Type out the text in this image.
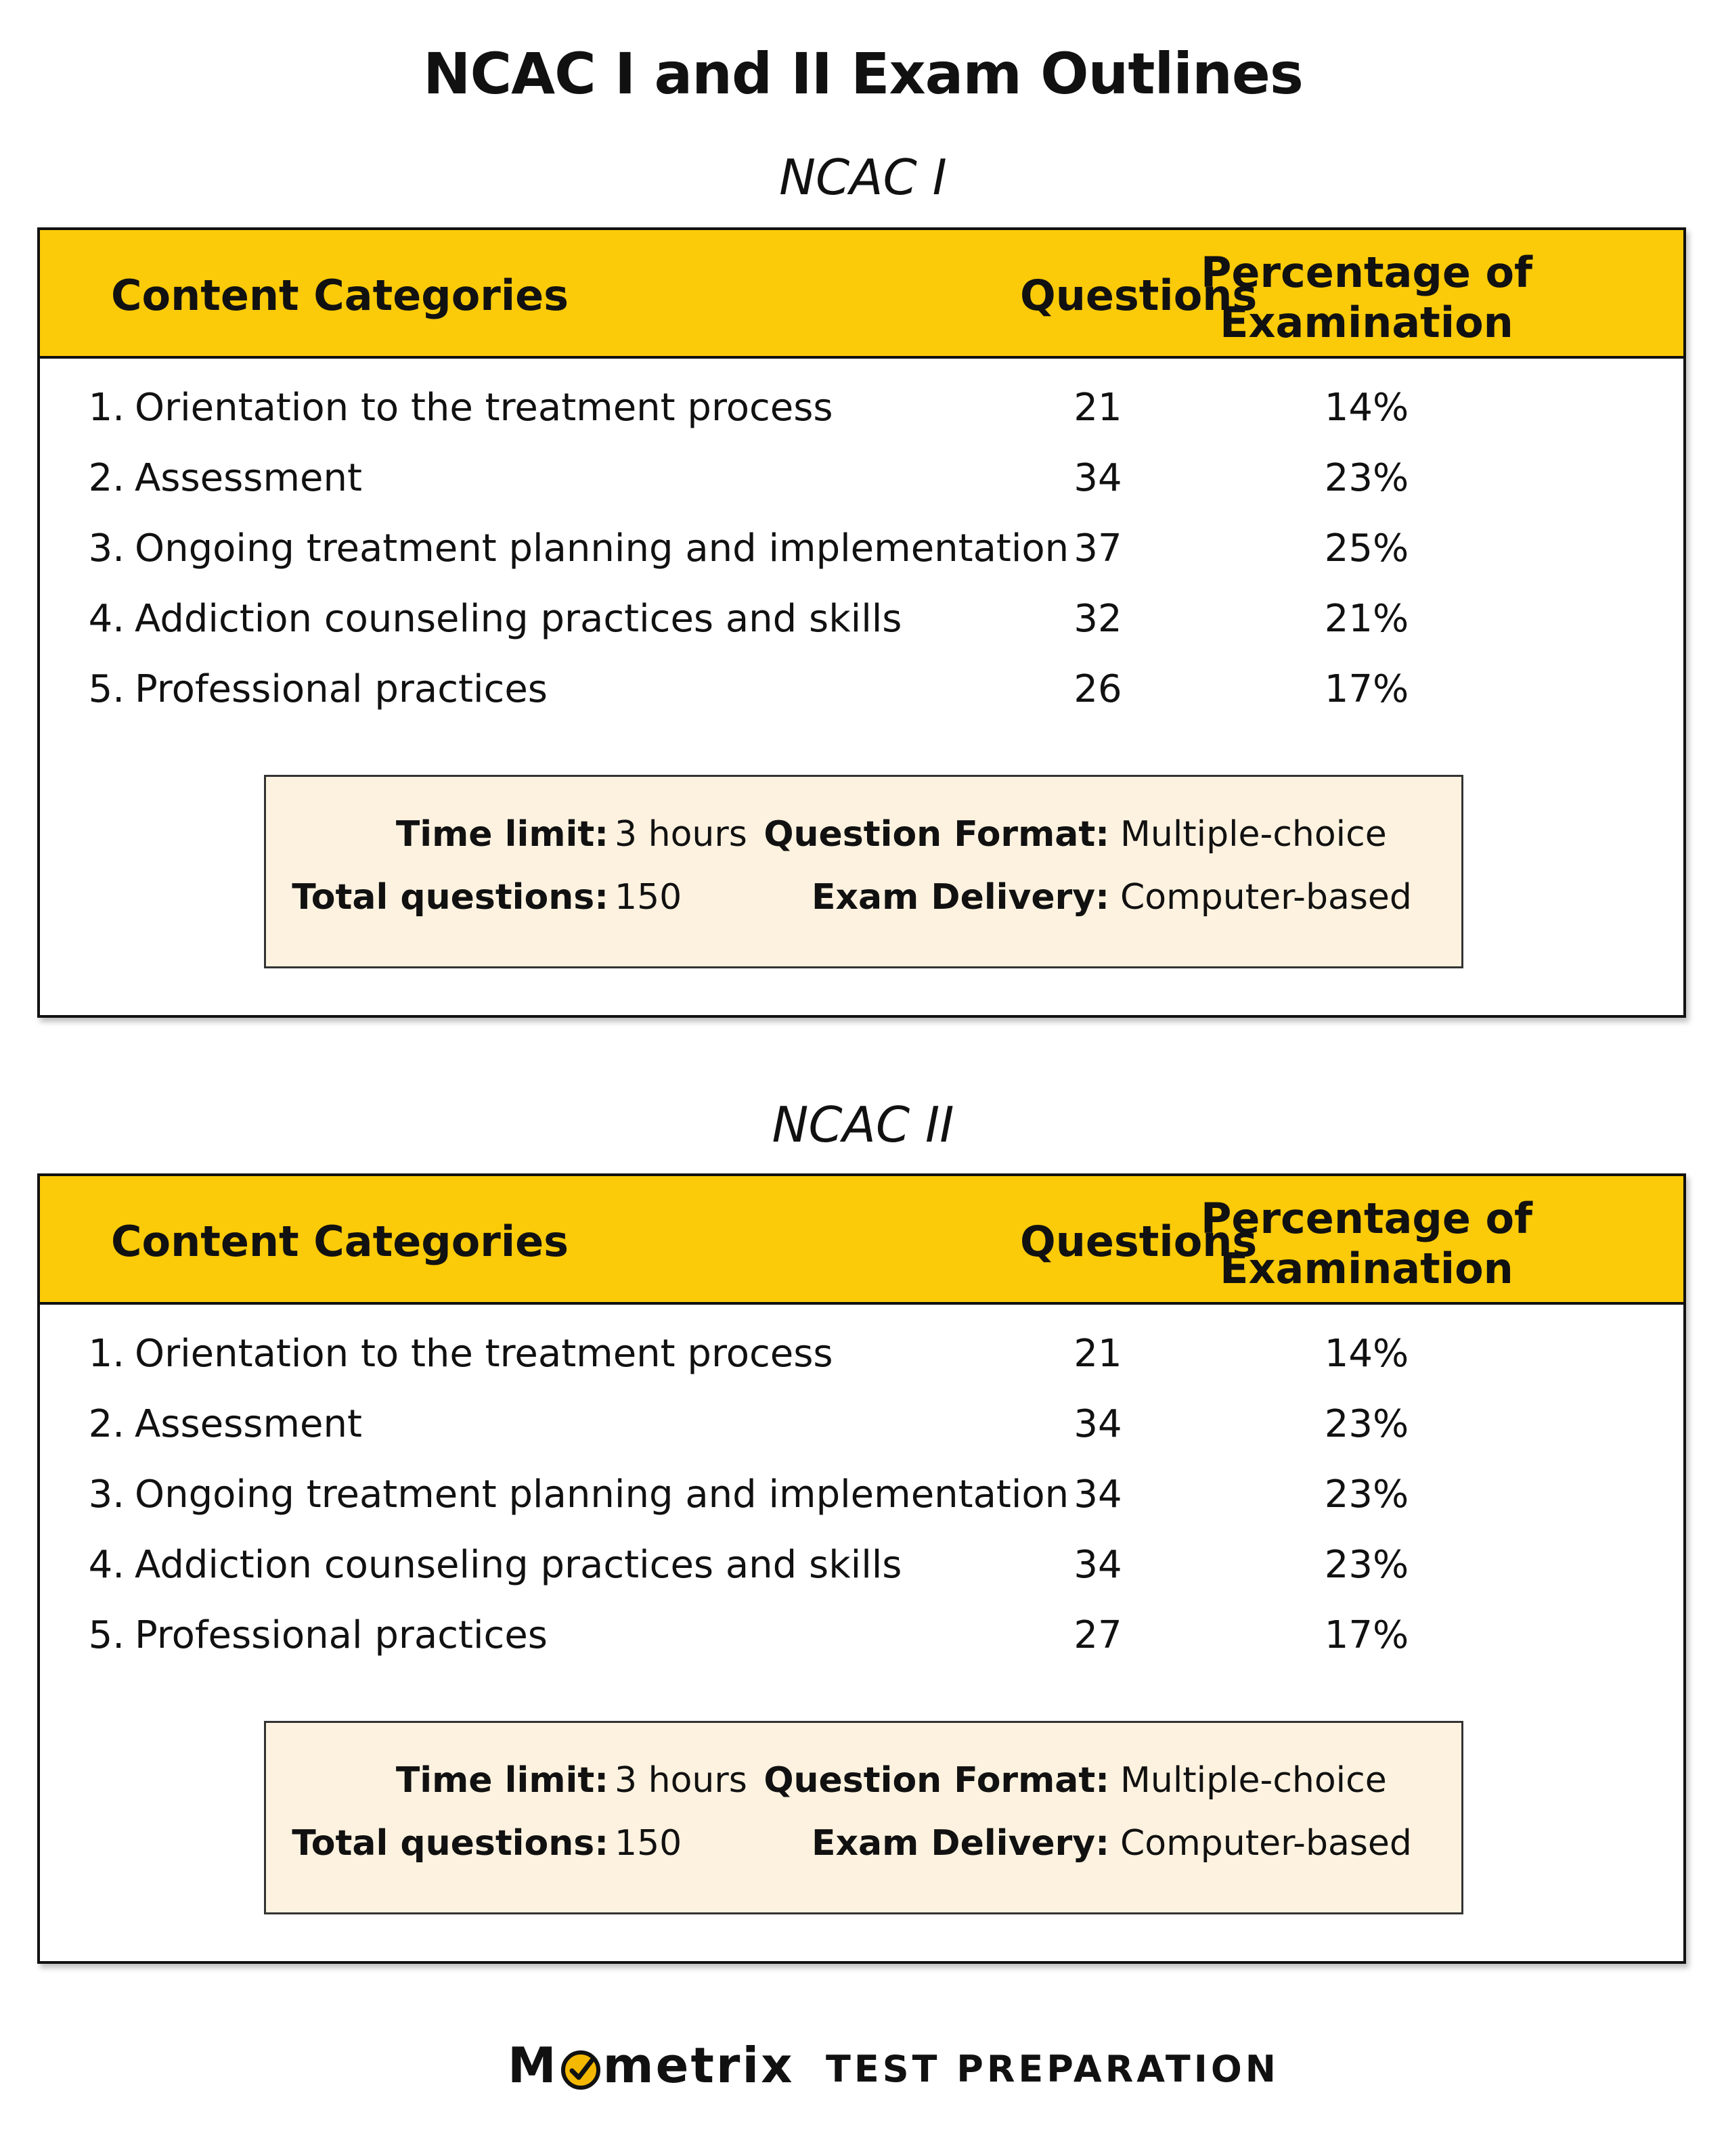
NCAC I and II Exam Outlines
NCAC I
Content Categories	Questions
Percentage of
Examination
1. Orientation to the treatment process	21	14%
2. Assessment	34	23%
3. Ongoing treatment planning and implementation 37	25%
4. Addiction counseling practices and skills	32	21%
5. Professional practices	26	17%
Time limit: 3 hours
Total questions: 150
Question Format: Multiple-choice
Exam Delivery: Computer-based
NCAC II
Content Categories	Questions
Percentage of
Examination
1. Orientation to the treatment process	21	14%
2. Assessment	34	23%
3. Ongoing treatment planning and implementation 34	23%
4. Addiction counseling practices and skills	34	23%
5. Professional practices	27	17%
Time limit: 3 hours
Total questions: 150
Question Format: Multiple-choice
Exam Delivery: Computer-based
M metrix TEST PREPARATION
